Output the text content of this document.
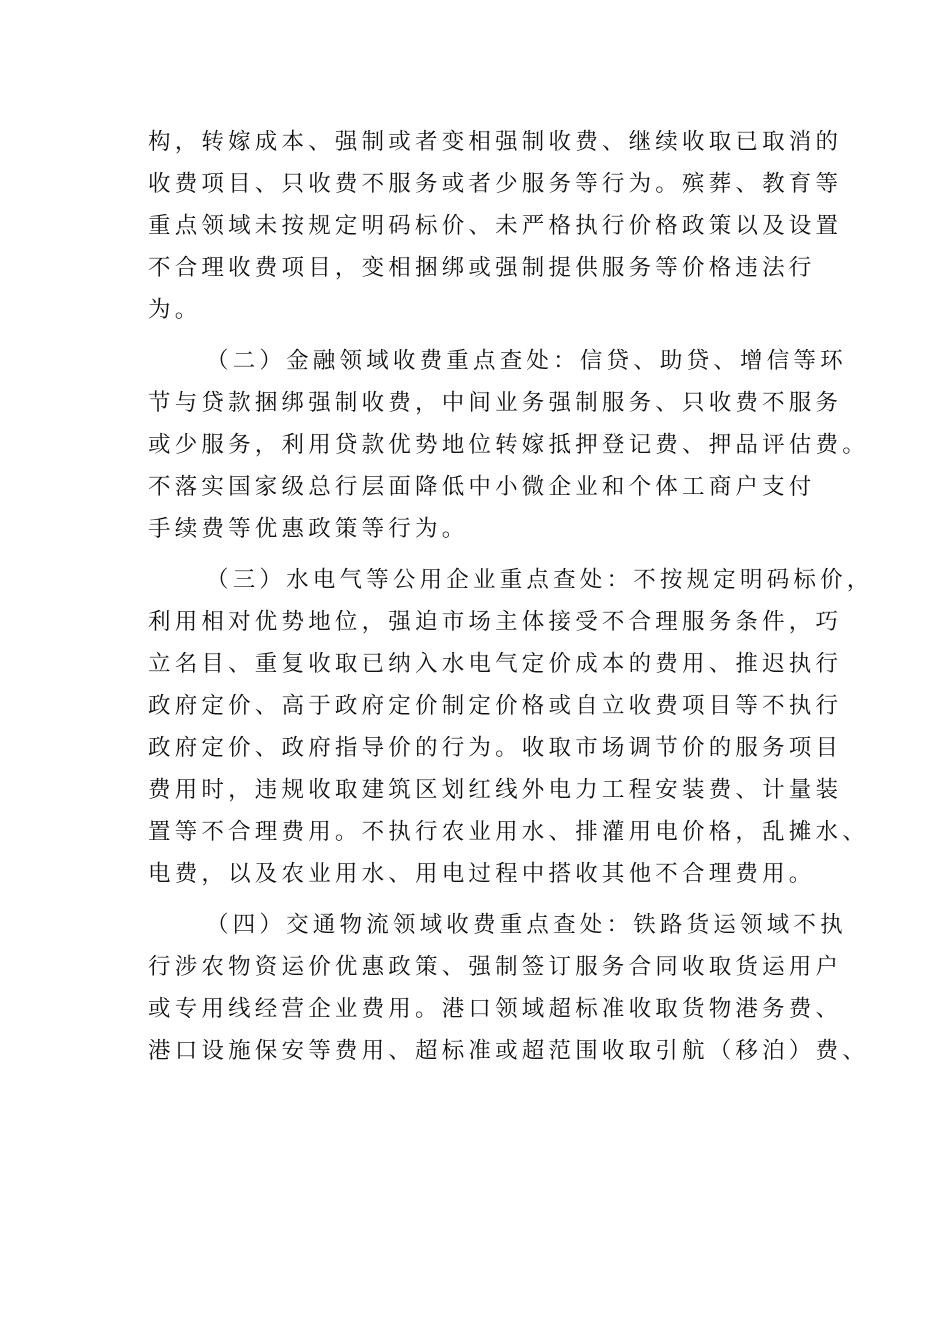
构，转嫁成本、强制或者变相强制收费、继续收取已取消的
收费项目、只收费不服务或者少服务等行为。殡葬、教育等
重点领域未按规定明码标价、未严格执行价格政策以及设置
不合理收费项目，变相捆绑或强制提供服务等价格违法行
为。
（二）金融领域收费重点查处：信贷、助贷、增信等环
节与贷款捆绑强制收费，中间业务强制服务、只收费不服务
或少服务，利用贷款优势地位转嫁抵押登记费、押品评估费。
不落实国家级总行层面降低中小微企业和个体工商户支付
手续费等优惠政策等行为。
（三）水电气等公用企业重点查处：不按规定明码标价，
利用相对优势地位，强迫市场主体接受不合理服务条件，巧
立名目、重复收取已纳入水电气定价成本的费用、推迟执行
政府定价、高于政府定价制定价格或自立收费项目等不执行
政府定价、政府指导价的行为。收取市场调节价的服务项目
费用时，违规收取建筑区划红线外电力工程安装费、计量装
置等不合理费用。不执行农业用水、排灌用电价格，乱摊水、
电费，以及农业用水、用电过程中搭收其他不合理费用。
（四）交通物流领域收费重点查处：铁路货运领域不执
行涉农物资运价优惠政策、强制签订服务合同收取货运用户
或专用线经营企业费用。港口领域超标准收取货物港务费、
港口设施保安等费用、超标准或超范围收取引航（移泊）费、
